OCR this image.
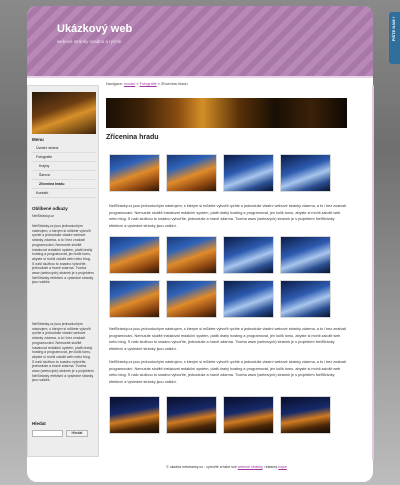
Ukázkový web
webové stránky snadno a rychle
PIŠTE NÁM !
Menu
Úvodní strana
Fotografie
Krajiny
Šárova
Zřícenina hradu
Kontakt
Oblíbené odkazy
NetStránky.cz
NetStránky.cz jsou jednoduchým nástrojem, s kterým si můžete vytvořit rychle a jednoduše vlastní webové stránky zdarma, a to i bez znalostí programování. Nemusíte složitě instalovat redakční systém, platit drahý hosting a programovat, jen kolik tomu, abyste si mohli založit web nebo blog. S naší službou to snadno vytvoříte, jednoduše a hravě zdarma. Tvorba www (webových) stránek je s projektem NetStránky efektivní a výsledné stránky jsou validní.
NetStránky.cz jsou jednoduchým nástrojem, s kterým si můžete vytvořit rychle a jednoduše vlastní webové stránky zdarma, a to i bez znalostí programování. Nemusíte složitě instalovat redakční systém, platit drahý hosting a programovat, jen kolik tomu, abyste si mohli založit web nebo blog. S naší službou to snadno vytvoříte, jednoduše a hravě zdarma. Tvorba www (webových) stránek je s projektem NetStránky efektivní a výsledné stránky jsou validní.
Hledat
Hledat
Navigace: úvodní » Fotografie » Zřícenina hradu
Zřícenina hradu
NetStránky.cz jsou jednoduchým nástrojem, s kterým si můžete vytvořit rychle a jednoduše vlastní webové stránky zdarma, a to i bez znalostí programování. Nemusíte složitě instalovat redakční systém, platit drahý hosting a programovat, jen kolik tomu, abyste si mohli založit web nebo blog. S naší službou to snadno vytvoříte, jednoduše a hravě zdarma. Tvorba www (webových) stránek je s projektem NetStránky efektivní a výsledné stránky jsou validní.
NetStránky.cz jsou jednoduchým nástrojem, s kterým si můžete vytvořit rychle a jednoduše vlastní webové stránky zdarma, a to i bez znalostí programování. Nemusíte složitě instalovat redakční systém, platit drahý hosting a programovat, jen kolik tomu, abyste si mohli založit web nebo blog. S naší službou to snadno vytvoříte, jednoduše a hravě zdarma. Tvorba www (webových) stránek je s projektem NetStránky efektivní a výsledné stránky jsou validní.
NetStránky.cz jsou jednoduchým nástrojem, s kterým si můžete vytvořit rychle a jednoduše vlastní webové stránky zdarma, a to i bez znalostí programování. Nemusíte složitě instalovat redakční systém, platit drahý hosting a programovat, jen kolik tomu, abyste si mohli založit web nebo blog. S naší službou to snadno vytvoříte, jednoduše a hravě zdarma. Tvorba www (webových) stránek je s projektem NetStránky efektivní a výsledné stránky jsou validní.
© ukázka netstranky.cz - vytvořte si také své webové stránky, reklama kopie
